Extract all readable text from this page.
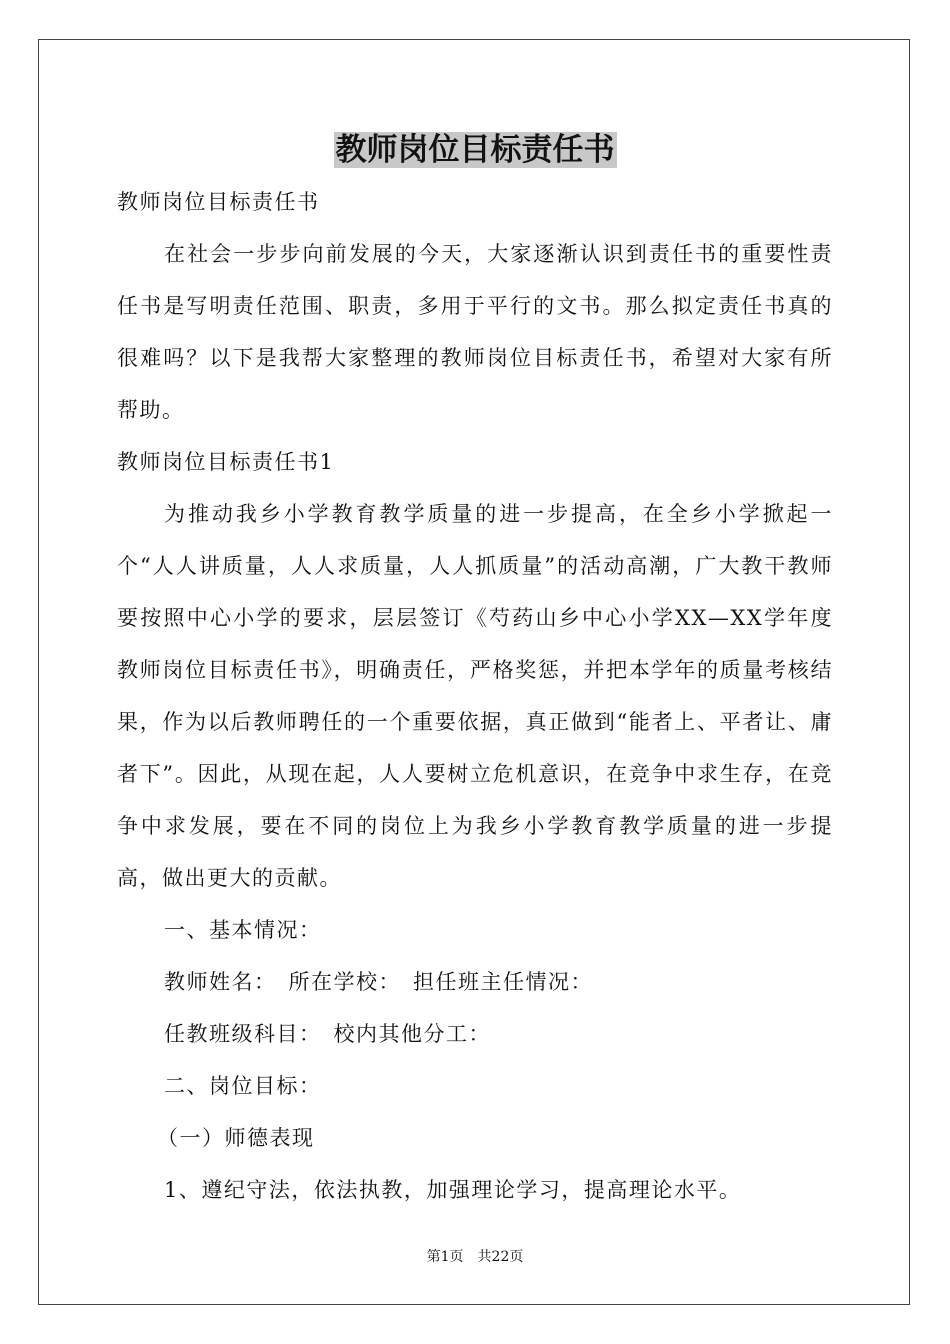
教师岗位目标责任书

教师岗位目标责任书

在社会一步步向前发展的今天，大家逐渐认识到责任书的重要性责任书是写明责任范围、职责，多用于平行的文书。那么拟定责任书真的很难吗？以下是我帮大家整理的教师岗位目标责任书，希望对大家有所帮助。

教师岗位目标责任书1

为推动我乡小学教育教学质量的进一步提高，在全乡小学掀起一个“人人讲质量，人人求质量，人人抓质量”的活动高潮，广大教干教师要按照中心小学的要求，层层签订《芍药山乡中心小学XX—XX学年度教师岗位目标责任书》，明确责任，严格奖惩，并把本学年的质量考核结果，作为以后教师聘任的一个重要依据，真正做到“能者上、平者让、庸者下”。因此，从现在起，人人要树立危机意识，在竞争中求生存，在竞争中求发展，要在不同的岗位上为我乡小学教育教学质量的进一步提高，做出更大的贡献。

一、基本情况：

教师姓名：　所在学校：　担任班主任情况：

任教班级科目：　校内其他分工：

二、岗位目标：

（一）师德表现

1、遵纪守法，依法执教，加强理论学习，提高理论水平。

第1页　共22页
